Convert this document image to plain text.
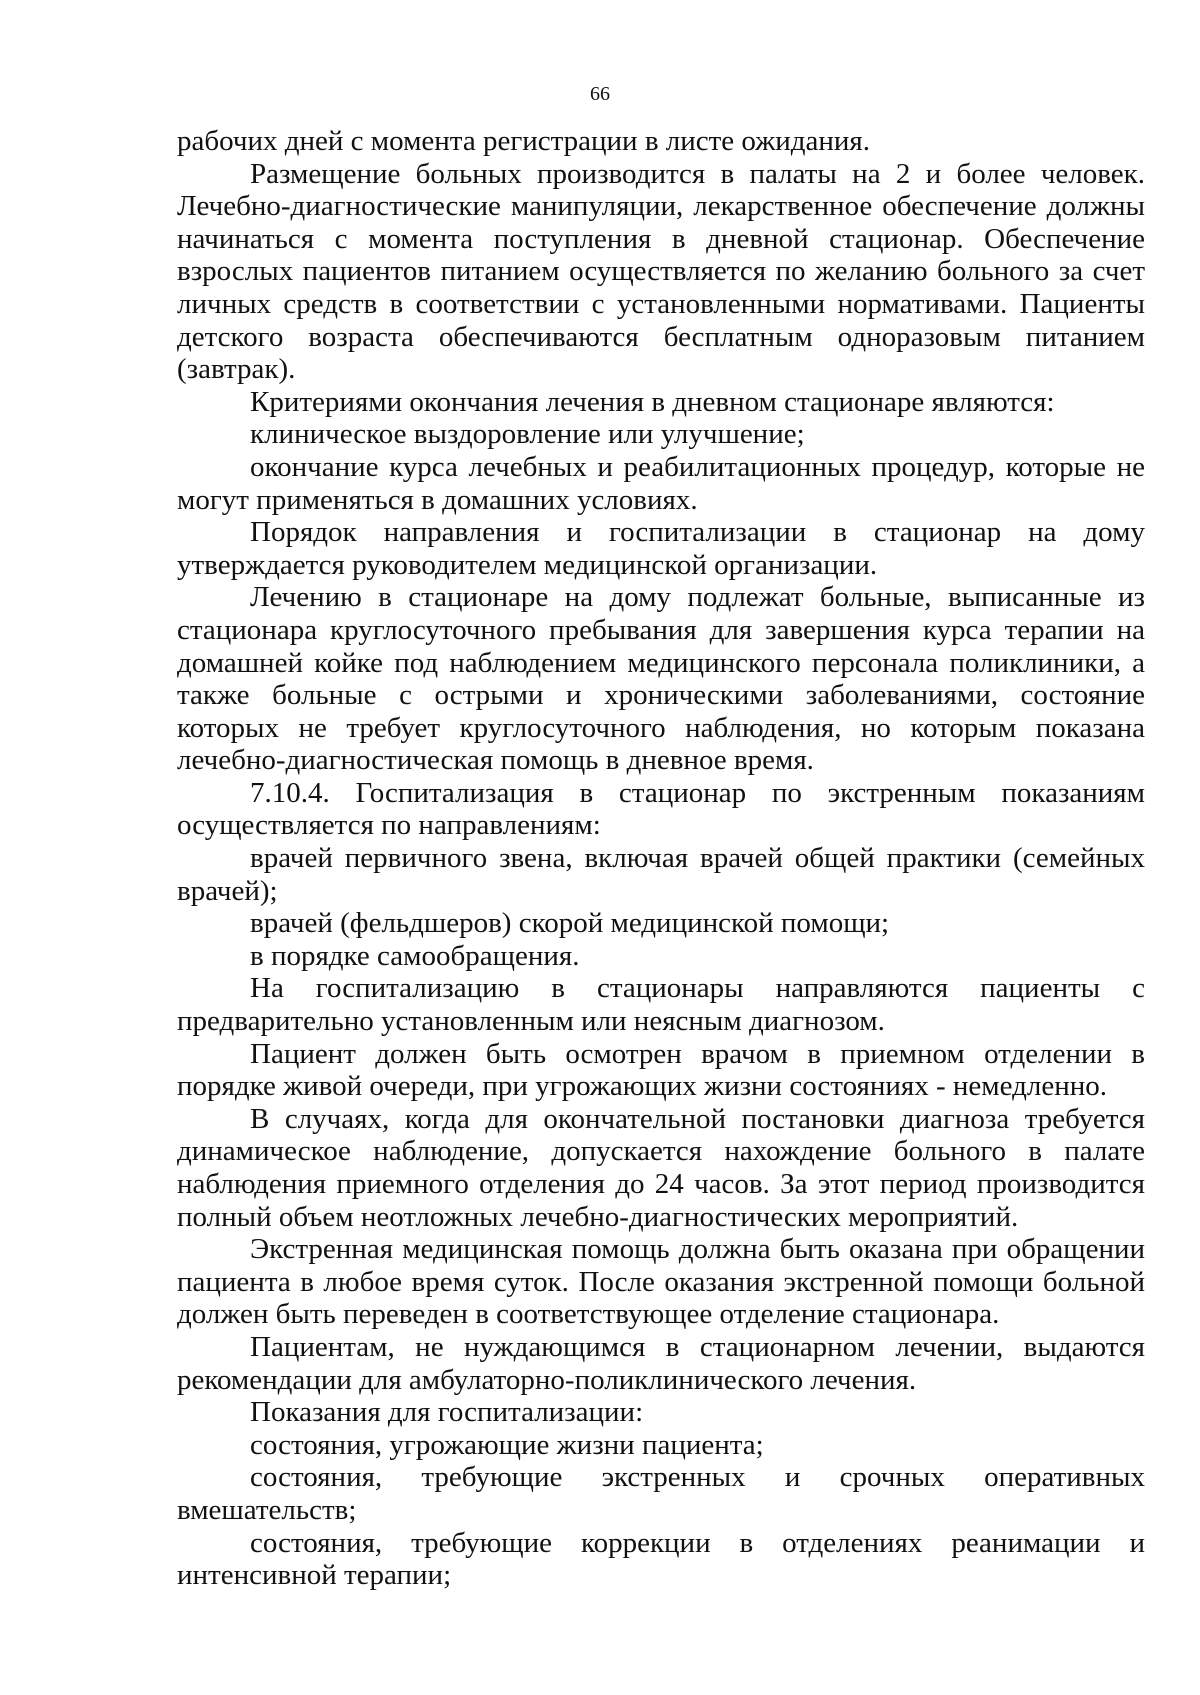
66

рабочих дней с момента регистрации в листе ожидания.

Размещение больных производится в палаты на 2 и более человек. Лечебно-диагностические манипуляции, лекарственное обеспечение должны начинаться с момента поступления в дневной стационар. Обеспечение взрослых пациентов питанием осуществляется по желанию больного за счет личных средств в соответствии с установленными нормативами. Пациенты детского возраста обеспечиваются бесплатным одноразовым питанием (завтрак).

Критериями окончания лечения в дневном стационаре являются:

клиническое выздоровление или улучшение;

окончание курса лечебных и реабилитационных процедур, которые не могут применяться в домашних условиях.

Порядок направления и госпитализации в стационар на дому утверждается руководителем медицинской организации.

Лечению в стационаре на дому подлежат больные, выписанные из стационара круглосуточного пребывания для завершения курса терапии на домашней койке под наблюдением медицинского персонала поликлиники, а также больные с острыми и хроническими заболеваниями, состояние которых не требует круглосуточного наблюдения, но которым показана лечебно-диагностическая помощь в дневное время.

7.10.4. Госпитализация в стационар по экстренным показаниям осуществляется по направлениям:

врачей первичного звена, включая врачей общей практики (семейных врачей);

врачей (фельдшеров) скорой медицинской помощи;

в порядке самообращения.

На госпитализацию в стационары направляются пациенты с предварительно установленным или неясным диагнозом.

Пациент должен быть осмотрен врачом в приемном отделении в порядке живой очереди, при угрожающих жизни состояниях - немедленно.

В случаях, когда для окончательной постановки диагноза требуется динамическое наблюдение, допускается нахождение больного в палате наблюдения приемного отделения до 24 часов. За этот период производится полный объем неотложных лечебно-диагностических мероприятий.

Экстренная медицинская помощь должна быть оказана при обращении пациента в любое время суток. После оказания экстренной помощи больной должен быть переведен в соответствующее отделение стационара.

Пациентам, не нуждающимся в стационарном лечении, выдаются рекомендации для амбулаторно-поликлинического лечения.

Показания для госпитализации:

состояния, угрожающие жизни пациента;

состояния, требующие экстренных и срочных оперативных вмешательств;

состояния, требующие коррекции в отделениях реанимации и интенсивной терапии;
